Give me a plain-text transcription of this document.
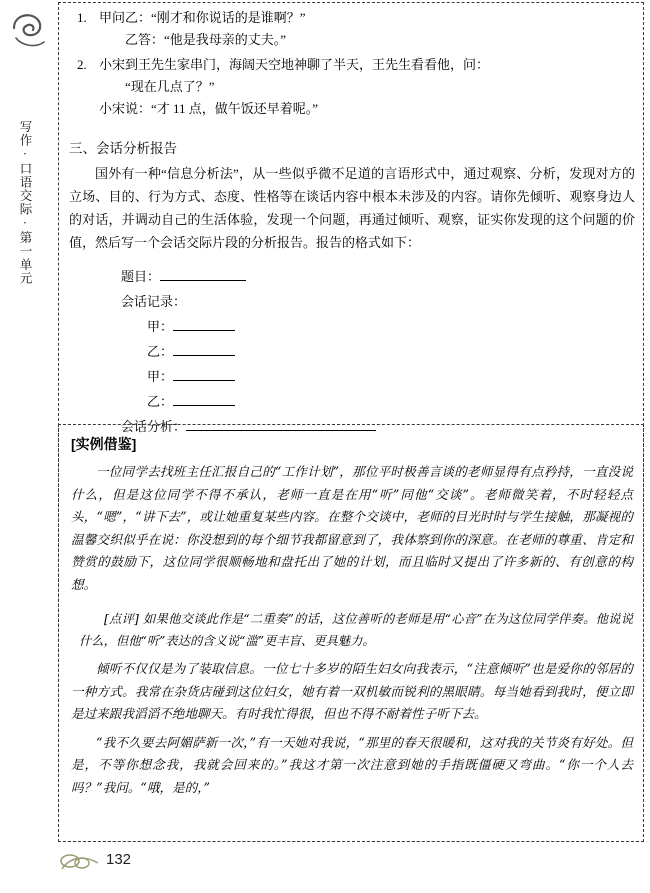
写作·口语交际·第一单元
1. 甲问乙：“刚才和你说话的是谁啊？”
乙答：“他是我母亲的丈夫。”
2. 小宋到王先生家串门，海阔天空地神聊了半天，王先生看看他，问：
“现在几点了？”
小宋说：“才 11 点，做午饭还早着呢。”
三、会话分析报告
国外有一种“信息分析法”，从一些似乎微不足道的言语形式中，通过观察、分析，发现对方的立场、目的、行为方式、态度、性格等在谈话内容中根本未涉及的内容。请你先倾听、观察身边人的对话，并调动自己的生活体验，发现一个问题，再通过倾听、观察，证实你发现的这个问题的价值，然后写一个会话交际片段的分析报告。报告的格式如下：
题目：
会话记录：
甲：
乙：
甲：
乙：
会话分析：
[实例借鉴]
一位同学去找班主任汇报自己的“工作计划”，那位平时极善言谈的老师显得有点矜持，一直没说什么，但是这位同学不得不承认，老师一直是在用“听”同他“交谈”。老师微笑着，不时轻轻点头，“嗯”，“讲下去”，或让她重复某些内容。在整个交谈中，老师的目光时时与学生接触，那凝视的温馨交织似乎在说：你没想到的每个细节我都留意到了，我体察到你的深意。在老师的尊重、肯定和赞赏的鼓励下，这位同学很顺畅地和盘托出了她的计划，而且临时又提出了许多新的、有创意的构想。
[点评] 如果他交谈此作是“二重奏”的话，这位善听的老师是用“心音”在为这位同学伴奏。他说说什么，但他“听”表达的含义说“滥”更丰盲、更具魅力。
倾听不仅仅是为了装取信息。一位七十多岁的陌生妇女向我表示，“注意倾听”也是爱你的邻居的一种方式。我常在杂货店碰到这位妇女，她有着一双机敏而锐利的黑眼睛。每当她看到我时，便立即是过来跟我滔滔不绝地聊天。有时我忙得很，但也不得不耐着性子听下去。
“我不久要去阿媚萨新一次，”有一天她对我说，“那里的春天很暖和，这对我的关节炎有好处。但是，不等你想念我，我就会回来的。”我这才第一次注意到她的手指既僵硬又弯曲。“你一个人去吗？”我问。“哦，是的，”
132
